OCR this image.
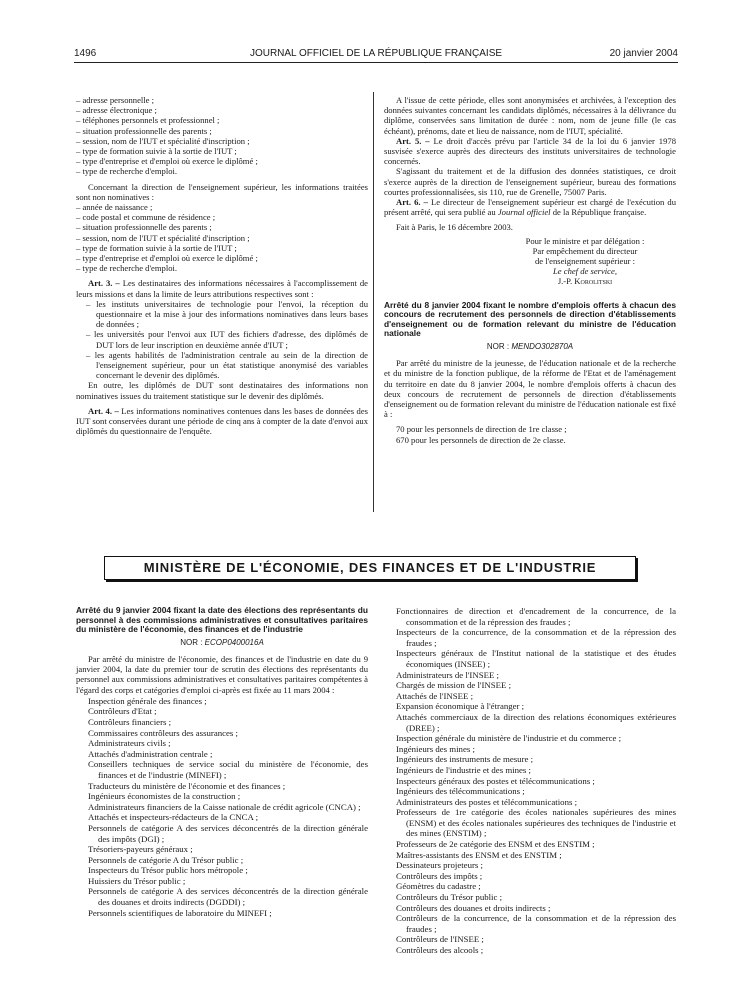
1496	JOURNAL OFFICIEL DE LA RÉPUBLIQUE FRANÇAISE	20 janvier 2004

– adresse personnelle ;

– adresse électronique ;

– téléphones personnels et professionnel ;

– situation professionnelle des parents ;

– session, nom de l'IUT et spécialité d'inscription ;

– type de formation suivie à la sortie de l'IUT ;

– type d'entreprise et d'emploi où exerce le diplômé ;

– type de recherche d'emploi.

Concernant la direction de l'enseignement supérieur, les informations traitées sont non nominatives :

– année de naissance ;

– code postal et commune de résidence ;

– situation professionnelle des parents ;

– session, nom de l'IUT et spécialité d'inscription ;

– type de formation suivie à la sortie de l'IUT ;

– type d'entreprise et d'emploi où exerce le diplômé ;

– type de recherche d'emploi.

Art. 3. – Les destinataires des informations nécessaires à l'accomplissement de leurs missions et dans la limite de leurs attributions respectives sont :

– les instituts universitaires de technologie pour l'envoi, la réception du questionnaire et la mise à jour des informations nominatives dans leurs bases de données ;

– les universités pour l'envoi aux IUT des fichiers d'adresse, des diplômés de DUT lors de leur inscription en deuxième année d'IUT ;

– les agents habilités de l'administration centrale au sein de la direction de l'enseignement supérieur, pour un état statistique anonymisé des variables concernant le devenir des diplômés.

En outre, les diplômés de DUT sont destinataires des informations non nominatives issues du traitement statistique sur le devenir des diplômés.

Art. 4. – Les informations nominatives contenues dans les bases de données des IUT sont conservées durant une période de cinq ans à compter de la date d'envoi aux diplômés du questionnaire de l'enquête.

A l'issue de cette période, elles sont anonymisées et archivées, à l'exception des données suivantes concernant les candidats diplômés, nécessaires à la délivrance du diplôme, conservées sans limitation de durée : nom, nom de jeune fille (le cas échéant), prénoms, date et lieu de naissance, nom de l'IUT, spécialité.

Art. 5. – Le droit d'accès prévu par l'article 34 de la loi du 6 janvier 1978 susvisée s'exerce auprès des directeurs des instituts universitaires de technologie concernés.

S'agissant du traitement et de la diffusion des données statistiques, ce droit s'exerce auprès de la direction de l'enseignement supérieur, bureau des formations courtes professionnalisées, sis 110, rue de Grenelle, 75007 Paris.

Art. 6. – Le directeur de l'enseignement supérieur est chargé de l'exécution du présent arrêté, qui sera publié au Journal officiel de la République française.

Fait à Paris, le 16 décembre 2003.

Pour le ministre et par délégation :

Par empêchement du directeur

de l'enseignement supérieur :

Le chef de service,

J.-P. Korolitski

Arrêté du 8 janvier 2004 fixant le nombre d'emplois offerts à chacun des concours de recrutement des personnels de direction d'établissements d'enseignement ou de formation relevant du ministre de l'éducation nationale

NOR : MENDO302870A

Par arrêté du ministre de la jeunesse, de l'éducation nationale et de la recherche et du ministre de la fonction publique, de la réforme de l'Etat et de l'aménagement du territoire en date du 8 janvier 2004, le nombre d'emplois offerts à chacun des deux concours de recrutement de personnels de direction d'établissements d'enseignement ou de formation relevant du ministre de l'éducation nationale est fixé à :

70 pour les personnels de direction de 1re classe ;

670 pour les personnels de direction de 2e classe.

MINISTÈRE DE L'ÉCONOMIE, DES FINANCES ET DE L'INDUSTRIE

Arrêté du 9 janvier 2004 fixant la date des élections des représentants du personnel à des commissions administratives et consultatives paritaires du ministère de l'économie, des finances et de l'industrie

NOR : ECOP0400016A

Par arrêté du ministre de l'économie, des finances et de l'industrie en date du 9 janvier 2004, la date du premier tour de scrutin des élections des représentants du personnel aux commissions administratives et consultatives paritaires compétentes à l'égard des corps et catégories d'emploi ci-après est fixée au 11 mars 2004 :

Inspection générale des finances ;

Contrôleurs d'Etat ;

Contrôleurs financiers ;

Commissaires contrôleurs des assurances ;

Administrateurs civils ;

Attachés d'administration centrale ;

Conseillers techniques de service social du ministère de l'économie, des finances et de l'industrie (MINEFI) ;

Traducteurs du ministère de l'économie et des finances ;

Ingénieurs économistes de la construction ;

Administrateurs financiers de la Caisse nationale de crédit agricole (CNCA) ;

Attachés et inspecteurs-rédacteurs de la CNCA ;

Personnels de catégorie A des services déconcentrés de la direction générale des impôts (DGI) ;

Trésoriers-payeurs généraux ;

Personnels de catégorie A du Trésor public ;

Inspecteurs du Trésor public hors métropole ;

Huissiers du Trésor public ;

Personnels de catégorie A des services déconcentrés de la direction générale des douanes et droits indirects (DGDDI) ;

Personnels scientifiques de laboratoire du MINEFI ;

Fonctionnaires de direction et d'encadrement de la concurrence, de la consommation et de la répression des fraudes ;

Inspecteurs de la concurrence, de la consommation et de la répression des fraudes ;

Inspecteurs généraux de l'Institut national de la statistique et des études économiques (INSEE) ;

Administrateurs de l'INSEE ;

Chargés de mission de l'INSEE ;

Attachés de l'INSEE ;

Expansion économique à l'étranger ;

Attachés commerciaux de la direction des relations économiques extérieures (DREE) ;

Inspection générale du ministère de l'industrie et du commerce ;

Ingénieurs des mines ;

Ingénieurs des instruments de mesure ;

Ingénieurs de l'industrie et des mines ;

Inspecteurs généraux des postes et télécommunications ;

Ingénieurs des télécommunications ;

Administrateurs des postes et télécommunications ;

Professeurs de 1re catégorie des écoles nationales supérieures des mines (ENSM) et des écoles nationales supérieures des techniques de l'industrie et des mines (ENSTIM) ;

Professeurs de 2e catégorie des ENSM et des ENSTIM ;

Maîtres-assistants des ENSM et des ENSTIM ;

Dessinateurs projeteurs ;

Contrôleurs des impôts ;

Géomètres du cadastre ;

Contrôleurs du Trésor public ;

Contrôleurs des douanes et droits indirects ;

Contrôleurs de la concurrence, de la consommation et de la répression des fraudes ;

Contrôleurs de l'INSEE ;

Contrôleurs des alcools ;
